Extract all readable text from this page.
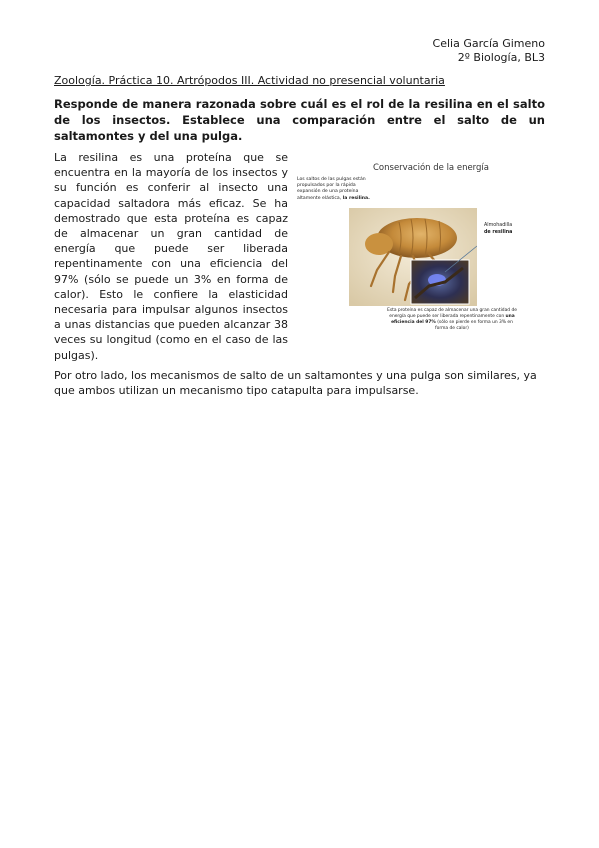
Celia García Gimeno
2º Biología, BL3
Zoología. Práctica 10. Artrópodos III. Actividad no presencial voluntaria
Responde de manera razonada sobre cuál es el rol de la resilina en el salto de los insectos. Establece una comparación entre el salto de un saltamontes y del una pulga.
La resilina es una proteína que se encuentra en la mayoría de los insectos y su función es conferir al insecto una capacidad saltadora más eficaz. Se ha demostrado que esta proteína es capaz de almacenar un gran cantidad de energía que puede ser liberada repentinamente con una eficiencia del 97% (sólo se puede un 3% en forma de calor). Esto le confiere la elasticidad necesaria para impulsar algunos insectos a unas distancias que pueden alcanzar 38 veces su longitud (como en el caso de las pulgas).
Conservación de la energía
Los saltos de las pulgas están propulsados por la rápida expansión de una proteína altamente elástica, la resilina.
Almohadilla
de resilina
Esta proteína es capaz de almacenar una gran cantidad de energía que puede ser liberada repentinamente con una eficiencia del 97% (sólo se pierde en forma un 3% en forma de calor)
Por otro lado, los mecanismos de salto de un saltamontes y una pulga son similares, ya que ambos utilizan un mecanismo tipo catapulta para impulsarse.
